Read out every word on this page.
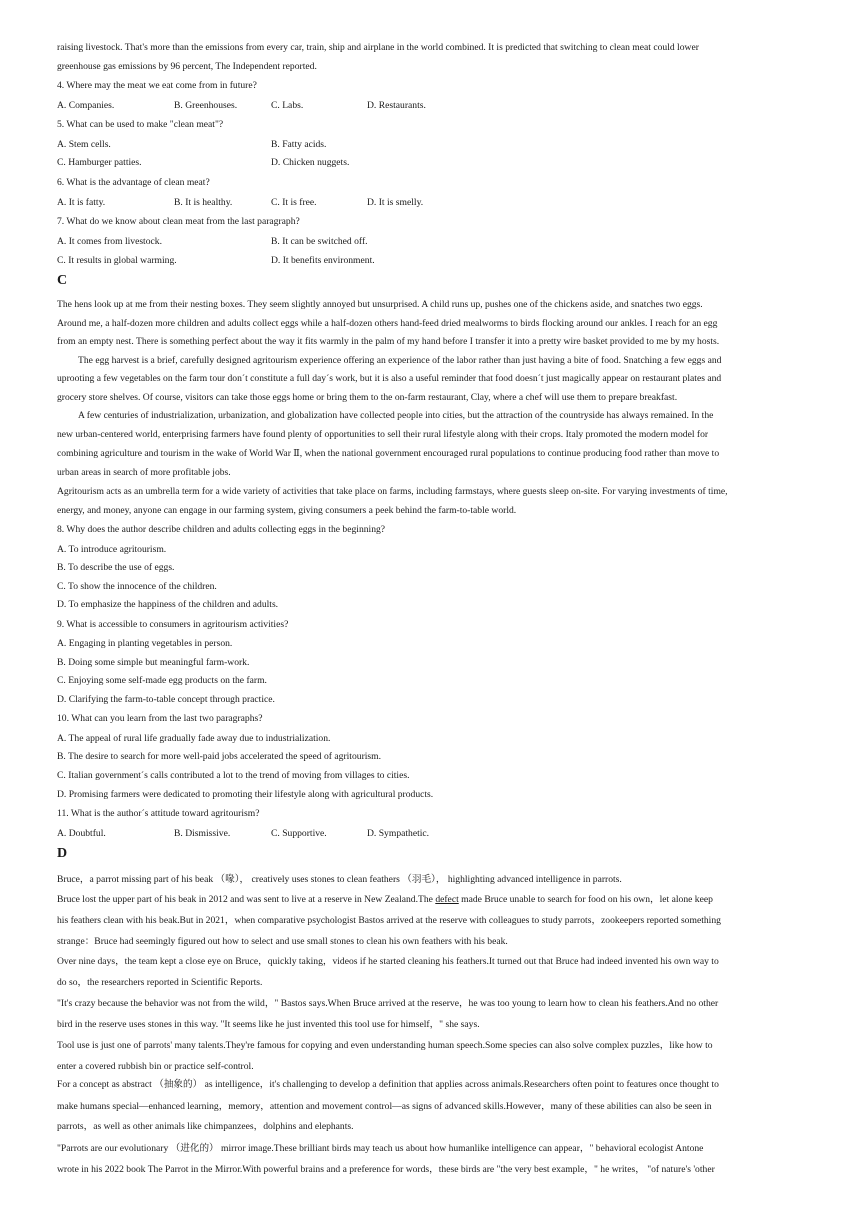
raising livestock. That's more than the emissions from every car, train, ship and airplane in the world combined. It is predicted that switching to clean meat could lower
greenhouse gas emissions by 96 percent, The Independent reported.
4. Where may the meat we eat come from in future?
A. Companies.	B. Greenhouses.	C. Labs.	D. Restaurants.
5. What can be used to make "clean meat"?
A. Stem cells.	B. Fatty acids.
C. Hamburger patties.	D. Chicken nuggets.
6. What is the advantage of clean meat?
A. It is fatty.	B. It is healthy.	C. It is free.	D. It is smelly.
7. What do we know about clean meat from the last paragraph?
A. It comes from livestock.	B. It can be switched off.
C. It results in global warming.	D. It benefits environment.
C
The hens look up at me from their nesting boxes. They seem slightly annoyed but unsurprised. A child runs up, pushes one of the chickens aside, and snatches two eggs.
Around me, a half-dozen more children and adults collect eggs while a half-dozen others hand-feed dried mealworms to birds flocking around our ankles. I reach for an egg
from an empty nest. There is something perfect about the way it fits warmly in the palm of my hand before I transfer it into a pretty wire basket provided to me by my hosts.
The egg harvest is a brief, carefully designed agritourism experience offering an experience of the labor rather than just having a bite of food. Snatching a few eggs and
uprooting a few vegetables on the farm tour don´t constitute a full day´s work, but it is also a useful reminder that food doesn´t just magically appear on restaurant plates and
grocery store shelves. Of course, visitors can take those eggs home or bring them to the on-farm restaurant, Clay, where a chef will use them to prepare breakfast.
A few centuries of industrialization, urbanization, and globalization have collected people into cities, but the attraction of the countryside has always remained. In the
new urban-centered world, enterprising farmers have found plenty of opportunities to sell their rural lifestyle along with their crops. Italy promoted the modern model for
combining agriculture and tourism in the wake of World War Ⅱ, when the national government encouraged rural populations to continue producing food rather than move to
urban areas in search of more profitable jobs.
Agritourism acts as an umbrella term for a wide variety of activities that take place on farms, including farmstays, where guests sleep on-site. For varying investments of time,
energy, and money, anyone can engage in our farming system, giving consumers a peek behind the farm-to-table world.
8. Why does the author describe children and adults collecting eggs in the beginning?
A. To introduce agritourism.
B. To describe the use of eggs.
C. To show the innocence of the children.
D. To emphasize the happiness of the children and adults.
9. What is accessible to consumers in agritourism activities?
A. Engaging in planting vegetables in person.
B. Doing some simple but meaningful farm-work.
C. Enjoying some self-made egg products on the farm.
D. Clarifying the farm-to-table concept through practice.
10. What can you learn from the last two paragraphs?
A. The appeal of rural life gradually fade away due to industrialization.
B. The desire to search for more well-paid jobs accelerated the speed of agritourism.
C. Italian government´s calls contributed a lot to the trend of moving from villages to cities.
D. Promising farmers were dedicated to promoting their lifestyle along with agricultural products.
11. What is the author´s attitude toward agritourism?
A. Doubtful.	B. Dismissive.	C. Supportive.	D. Sympathetic.
D
Bruce，a parrot missing part of his beak （喙）， creatively uses stones to clean feathers （羽毛）， highlighting advanced intelligence in parrots.
Bruce lost the upper part of his beak in 2012 and was sent to live at a reserve in New Zealand.The defect made Bruce unable to search for food on his own，let alone keep
his feathers clean with his beak.But in 2021，when comparative psychologist Bastos arrived at the reserve with colleagues to study parrots，zookeepers reported something
strange：Bruce had seemingly figured out how to select and use small stones to clean his own feathers with his beak.
Over nine days，the team kept a close eye on Bruce，quickly taking，videos if he started cleaning his feathers.It turned out that Bruce had indeed invented his own way to
do so，the researchers reported in Scientific Reports.
"It's crazy because the behavior was not from the wild，" Bastos says.When Bruce arrived at the reserve，he was too young to learn how to clean his feathers.And no other
bird in the reserve uses stones in this way. "It seems like he just invented this tool use for himself，" she says.
Tool use is just one of parrots' many talents.They're famous for copying and even understanding human speech.Some species can also solve complex puzzles，like how to
enter a covered rubbish bin or practice self-control.
For a concept as abstract （抽象的） as intelligence，it's challenging to develop a definition that applies across animals.Researchers often point to features once thought to
make humans special—enhanced learning，memory，attention and movement control—as signs of advanced skills.However，many of these abilities can also be seen in
parrots，as well as other animals like chimpanzees，dolphins and elephants.
"Parrots are our evolutionary （进化的） mirror image.These brilliant birds may teach us about how humanlike intelligence can appear，" behavioral ecologist Antone
wrote in his 2022 book The Parrot in the Mirror.With powerful brains and a preference for words，these birds are "the very best example，" he writes， "of nature's 'other
